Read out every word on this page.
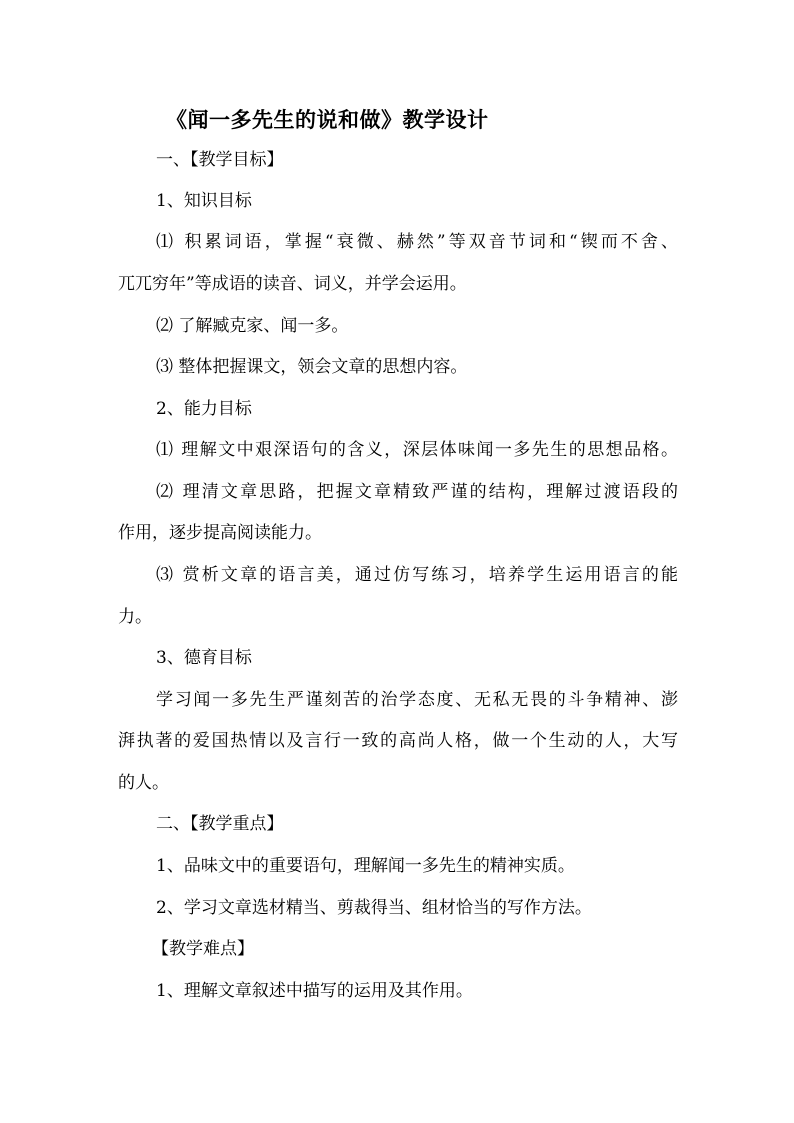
《闻一多先生的说和做》教学设计
一、【教学目标】
1、知识目标
⑴ 积累词语，掌握“衰微、赫然”等双音节词和“锲而不舍、
兀兀穷年”等成语的读音、词义，并学会运用。
⑵ 了解臧克家、闻一多。
⑶ 整体把握课文，领会文章的思想内容。
2、能力目标
⑴ 理解文中艰深语句的含义，深层体味闻一多先生的思想品格。
⑵ 理清文章思路，把握文章精致严谨的结构，理解过渡语段的
作用，逐步提高阅读能力。
⑶ 赏析文章的语言美，通过仿写练习，培养学生运用语言的能
力。
3、德育目标
学习闻一多先生严谨刻苦的治学态度、无私无畏的斗争精神、澎
湃执著的爱国热情以及言行一致的高尚人格，做一个生动的人，大写
的人。
二、【教学重点】
1、品味文中的重要语句，理解闻一多先生的精神实质。
2、学习文章选材精当、剪裁得当、组材恰当的写作方法。
【教学难点】
1、理解文章叙述中描写的运用及其作用。
